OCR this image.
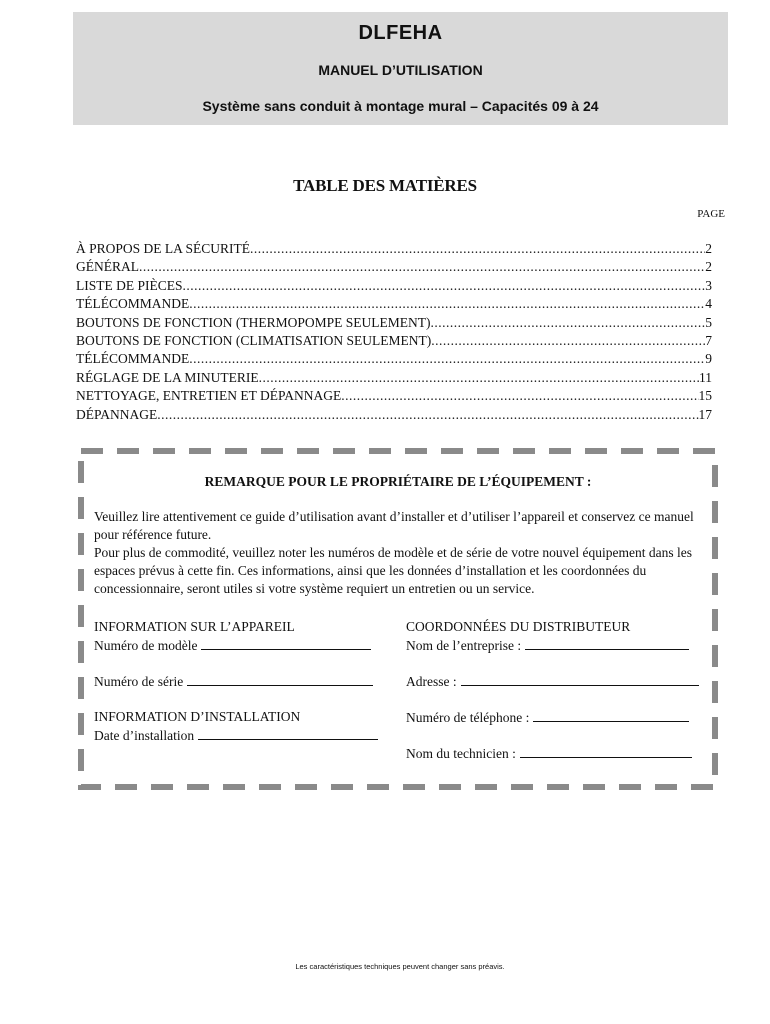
DLFEHA
MANUEL D’UTILISATION
Système sans conduit à montage mural – Capacités 09 à 24
TABLE DES MATIÈRES
PAGE
À PROPOS DE LA SÉCURITÉ .....	2
GÉNÉRAL .....	2
LISTE DE PIÈCES .....	3
TÉLÉCOMMANDE .....	4
BOUTONS DE FONCTION (THERMOPOMPE SEULEMENT) .....	5
BOUTONS DE FONCTION (CLIMATISATION SEULEMENT) .....	7
TÉLÉCOMMANDE .....	9
RÉGLAGE DE LA MINUTERIE .....	11
NETTOYAGE, ENTRETIEN ET DÉPANNAGE .....	15
DÉPANNAGE .....	17
REMARQUE POUR LE PROPRIÉTAIRE DE L’ÉQUIPEMENT :

Veuillez lire attentivement ce guide d’utilisation avant d’installer et d’utiliser l’appareil et conservez ce manuel pour référence future.

Pour plus de commodité, veuillez noter les numéros de modèle et de série de votre nouvel équipement dans les espaces prévus à cette fin. Ces informations, ainsi que les données d’installation et les coordonnées du concessionnaire, seront utiles si votre système requiert un entretien ou un service.

INFORMATION SUR L’APPAREIL
Numéro de modèle
Numéro de série
INFORMATION D’INSTALLATION
Date d’installation
COORDONNÉES DU DISTRIBUTEUR
Nom de l’entreprise :
Adresse :
Numéro de téléphone :
Nom du technicien :
Les caractéristiques techniques peuvent changer sans préavis.
